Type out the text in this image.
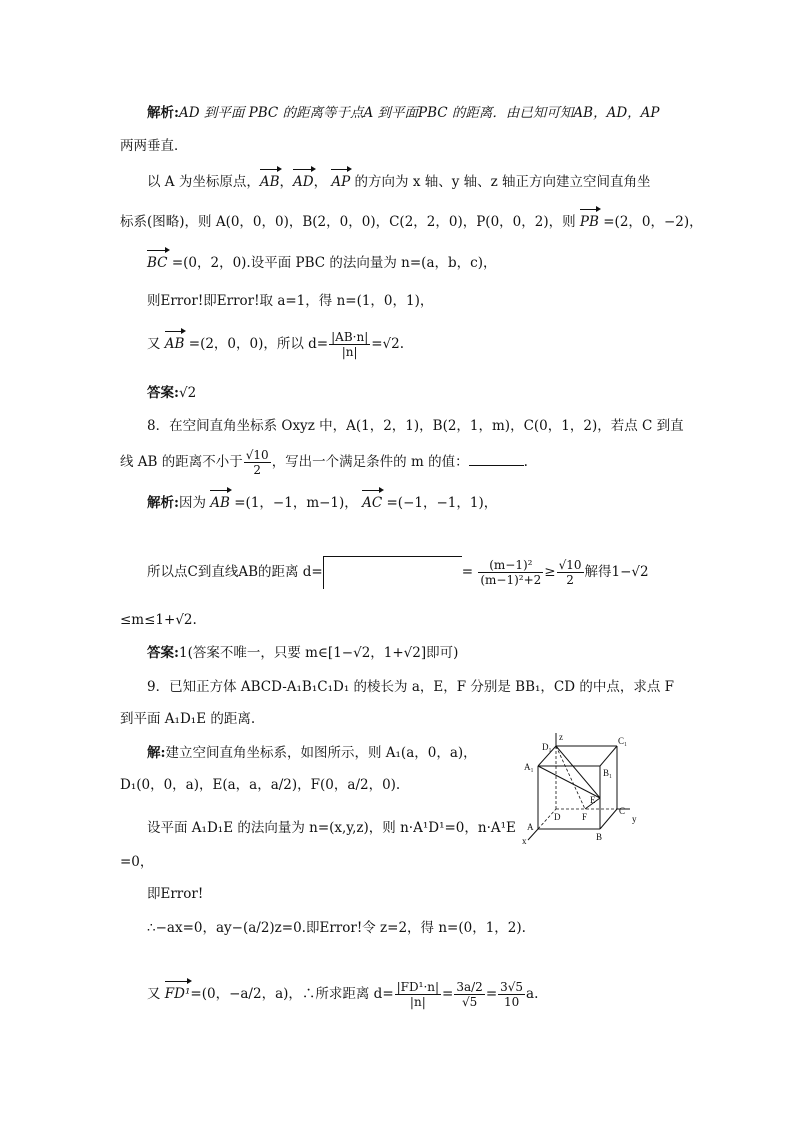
解析:AD 到平面 PBC 的距离等于点A 到平面PBC 的距离．由已知可知AB，AD，AP
两两垂直．
以 A 为坐标原点，AB，AD， AP 的方向为 x 轴、y 轴、z 轴正方向建立空间直角坐
标系(图略)，则 A(0，0，0)，B(2，0，0)，C(2，2，0)，P(0，0，2)，则 PB =(2，0，−2)，
BC =(0，2，0).设平面 PBC 的法向量为 n=(a，b，c)，
则Error!即Error!取 a=1，得 n=(1，0，1)，
又 AB =(2，0，0)，所以 $d= \frac{|AB\cdot n|}{|n|} =√2$.
答案:√2
8．在空间直角坐标系 Oxyz 中，A(1，2，1)，B(2，1，m)，C(0，1，2)，若点 C 到直
线 AB 的距离不小于 $\frac{√10}{2}$ ，写出一个满足条件的 m 的值：	.
解析:因为 AB =(1，−1，m−1)， AC =(−1，−1，1)，
所以点C到直线AB的距离 d=	= $\frac{\text{(m−1)²}}{\text{(m−1)²+2}} \ge \frac{√10}{2}$ 解得1−√2
≤m≤1+√2.
答案:1(答案不唯一，只要 m∈[1−√2，1+√2]即可)
9．已知正方体 ABCD-A₁B₁C₁D₁ 的棱长为 a，E，F 分别是 BB₁，CD 的中点，求点 F
到平面 A₁D₁E 的距离.
解:建立空间直角坐标系，如图所示，则 A₁(a，0，a)，
D₁(0，0，a)，E(a，a，a/2)，F(0，a/2，0).
设平面 A₁D₁E 的法向量为 n=(x,y,z)，则 n·A¹D¹=0，n·A¹E
=0，
即Error!
∴−ax=0，ay−(a/2)z=0.即Error!令 z=2，得 n=(0，1，2).
又 FD¹=(0，−a/2，a)，∴所求距离 $d= \frac{\text{|FD¹·n|}}{|n|} = \frac{3a/2}{√5} = \frac{3√5}{10} a$.
z
D₁
C₁
A₁
B₁
E
D F
C
y
A
B
x
